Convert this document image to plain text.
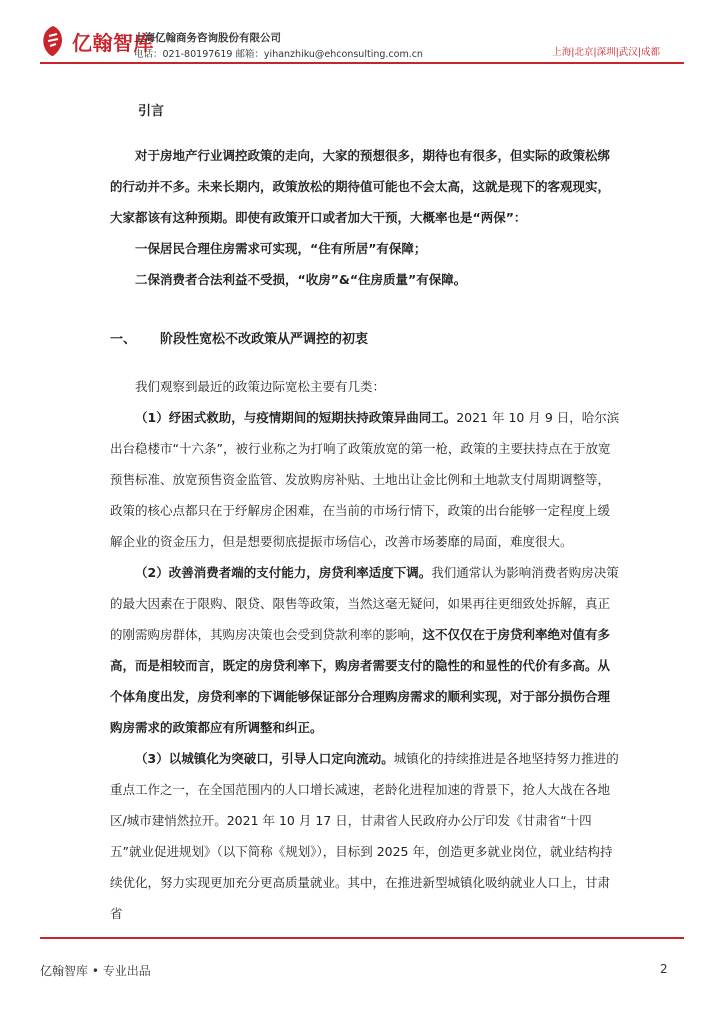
亿翰智库
上海亿翰商务咨询股份有限公司
电话：021-80197619 邮箱：yihanzhiku@ehconsulting.com.cn	上海|北京|深圳|武汉|成都
引言

对于房地产行业调控政策的走向，大家的预想很多，期待也有很多，但实际的政策松绑的行动并不多。未来长期内，政策放松的期待值可能也不会太高，这就是现下的客观现实，大家都该有这种预期。即使有政策开口或者加大干预，大概率也是“两保”：

一保居民合理住房需求可实现，“住有所居”有保障；

二保消费者合法利益不受损，“收房”&“住房质量”有保障。

一、 阶段性宽松不改政策从严调控的初衷

我们观察到最近的政策边际宽松主要有几类：

（1）纾困式救助，与疫情期间的短期扶持政策异曲同工。2021 年 10 月 9 日，哈尔滨出台稳楼市“十六条”，被行业称之为打响了政策放宽的第一枪，政策的主要扶持点在于放宽预售标准、放宽预售资金监管、发放购房补贴、土地出让金比例和土地款支付周期调整等，政策的核心点都只在于纾解房企困难，在当前的市场行情下，政策的出台能够一定程度上缓解企业的资金压力，但是想要彻底提振市场信心，改善市场萎靡的局面，难度很大。

（2）改善消费者端的支付能力，房贷利率适度下调。我们通常认为影响消费者购房决策的最大因素在于限购、限贷、限售等政策，当然这毫无疑问，如果再往更细致处拆解，真正的刚需购房群体，其购房决策也会受到贷款利率的影响，这不仅仅在于房贷利率绝对值有多高，而是相较而言，既定的房贷利率下，购房者需要支付的隐性的和显性的代价有多高。从个体角度出发，房贷利率的下调能够保证部分合理购房需求的顺利实现，对于部分损伤合理购房需求的政策都应有所调整和纠正。

（3）以城镇化为突破口，引导人口定向流动。城镇化的持续推进是各地坚持努力推进的重点工作之一，在全国范围内的人口增长减速，老龄化进程加速的背景下，抢人大战在各地区/城市建悄然拉开。2021 年 10 月 17 日，甘肃省人民政府办公厅印发《甘肃省“十四五”就业促进规划》（以下简称《规划》），目标到 2025 年，创造更多就业岗位，就业结构持续优化，努力实现更加充分更高质量就业。其中，在推进新型城镇化吸纳就业人口上，甘肃省

亿翰智库 • 专业出品	2
